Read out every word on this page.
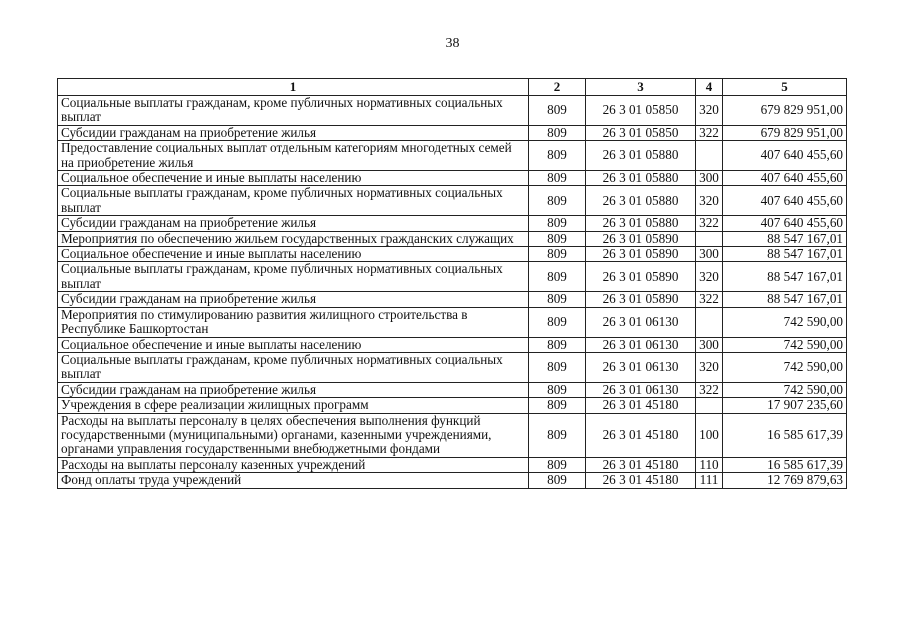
38
1	2	3	4	5
Социальные выплаты гражданам, кроме публичных нормативных социальных выплат	809	26 3 01 05850	320	679 829 951,00
Субсидии гражданам на приобретение жилья	809	26 3 01 05850	322	679 829 951,00
Предоставление социальных выплат отдельным категориям многодетных семей на приобретение жилья	809	26 3 01 05880		407 640 455,60
Социальное обеспечение и иные выплаты населению	809	26 3 01 05880	300	407 640 455,60
Социальные выплаты гражданам, кроме публичных нормативных социальных выплат	809	26 3 01 05880	320	407 640 455,60
Субсидии гражданам на приобретение жилья	809	26 3 01 05880	322	407 640 455,60
Мероприятия по обеспечению жильем государственных гражданских служащих	809	26 3 01 05890		88 547 167,01
Социальное обеспечение и иные выплаты населению	809	26 3 01 05890	300	88 547 167,01
Социальные выплаты гражданам, кроме публичных нормативных социальных выплат	809	26 3 01 05890	320	88 547 167,01
Субсидии гражданам на приобретение жилья	809	26 3 01 05890	322	88 547 167,01
Мероприятия по стимулированию развития жилищного строительства в Республике Башкортостан	809	26 3 01 06130		742 590,00
Социальное обеспечение и иные выплаты населению	809	26 3 01 06130	300	742 590,00
Социальные выплаты гражданам, кроме публичных нормативных социальных выплат	809	26 3 01 06130	320	742 590,00
Субсидии гражданам на приобретение жилья	809	26 3 01 06130	322	742 590,00
Учреждения в сфере реализации жилищных программ	809	26 3 01 45180		17 907 235,60
Расходы на выплаты персоналу в целях обеспечения выполнения функций государственными (муниципальными) органами, казенными учреждениями, органами управления государственными внебюджетными фондами	809	26 3 01 45180	100	16 585 617,39
Расходы на выплаты персоналу казенных учреждений	809	26 3 01 45180	110	16 585 617,39
Фонд оплаты труда учреждений	809	26 3 01 45180	111	12 769 879,63
